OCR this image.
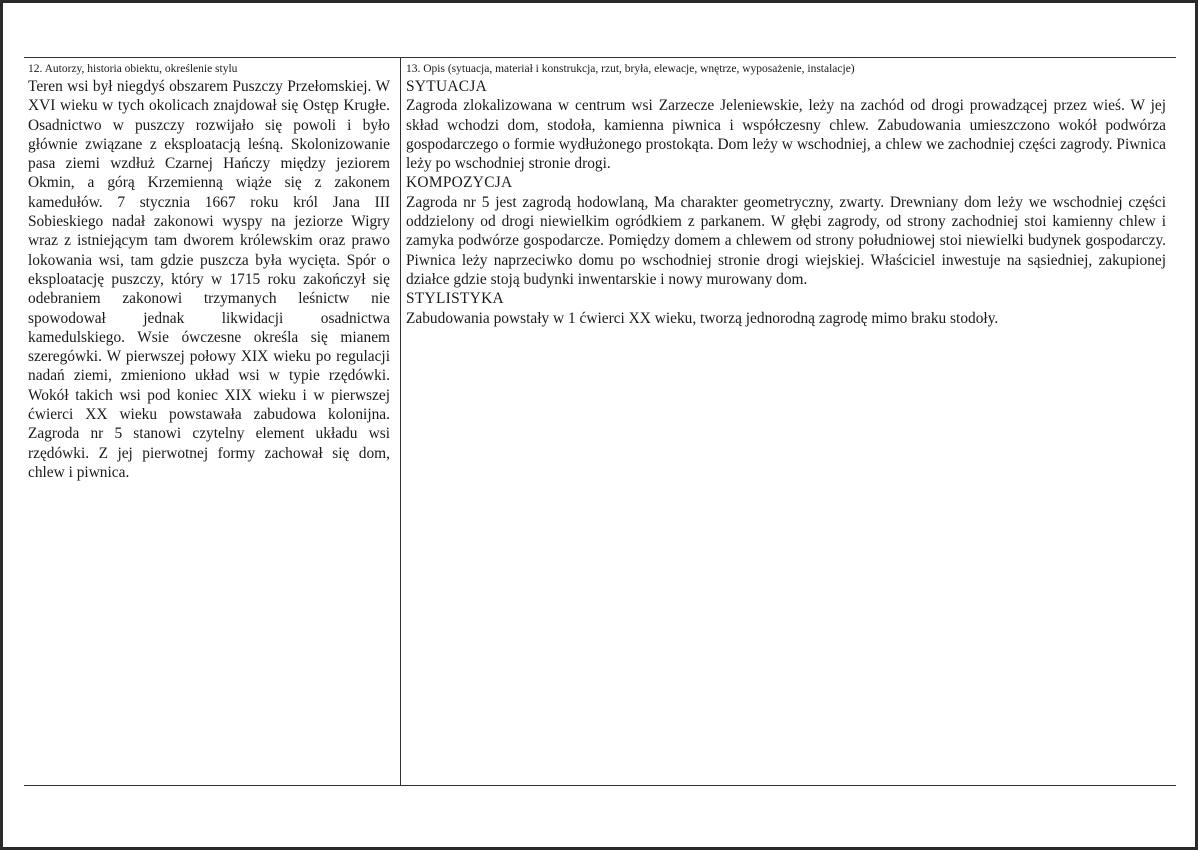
12. Autorzy, historia obiektu, określenie stylu

Teren wsi był niegdyś obszarem Puszczy Przełomskiej. W XVI wieku w tych okolicach znajdował się Ostęp Krugłe. Osadnictwo w puszczy rozwijało się powoli i było głównie związane z eksploatacją leśną. Skolonizowanie pasa ziemi wzdłuż Czarnej Hańczy między jeziorem Okmin, a górą Krzemienną wiąże się z zakonem kamedułów. 7 stycznia 1667 roku król Jana III Sobieskiego nadał zakonowi wyspy na jeziorze Wigry wraz z istniejącym tam dworem królewskim oraz prawo lokowania wsi, tam gdzie puszcza była wycięta. Spór o eksploatację puszczy, który w 1715 roku zakończył się odebraniem zakonowi trzymanych leśnictw nie spowodował jednak likwidacji osadnictwa kamedulskiego. Wsie ówczesne określa się mianem szeregówki. W pierwszej połowy XIX wieku po regulacji nadań ziemi, zmieniono układ wsi w typie rzędówki. Wokół takich wsi pod koniec XIX wieku i w pierwszej ćwierci XX wieku powstawała zabudowa kolonijna. Zagroda nr 5 stanowi czytelny element układu wsi rzędówki. Z jej pierwotnej formy zachował się dom, chlew i piwnica.

13. Opis (sytuacja, materiał i konstrukcja, rzut, bryła, elewacje, wnętrze, wyposażenie, instalacje)

SYTUACJA

Zagroda zlokalizowana w centrum wsi Zarzecze Jeleniewskie, leży na zachód od drogi prowadzącej przez wieś. W jej skład wchodzi dom, stodoła, kamienna piwnica i współczesny chlew. Zabudowania umieszczono wokół podwórza gospodarczego o formie wydłużonego prostokąta. Dom leży w wschodniej, a chlew we zachodniej części zagrody. Piwnica leży po wschodniej stronie drogi.

KOMPOZYCJA

Zagroda nr 5 jest zagrodą hodowlaną, Ma charakter geometryczny, zwarty. Drewniany dom leży we wschodniej części oddzielony od drogi niewielkim ogródkiem z parkanem. W głębi zagrody, od strony zachodniej stoi kamienny chlew i zamyka podwórze gospodarcze. Pomiędzy domem a chlewem od strony południowej stoi niewielki budynek gospodarczy. Piwnica leży naprzeciwko domu po wschodniej stronie drogi wiejskiej. Właściciel inwestuje na sąsiedniej, zakupionej działce gdzie stoją budynki inwentarskie i nowy murowany dom.

STYLISTYKA

Zabudowania powstały w 1 ćwierci XX wieku, tworzą jednorodną zagrodę mimo braku stodoły.
